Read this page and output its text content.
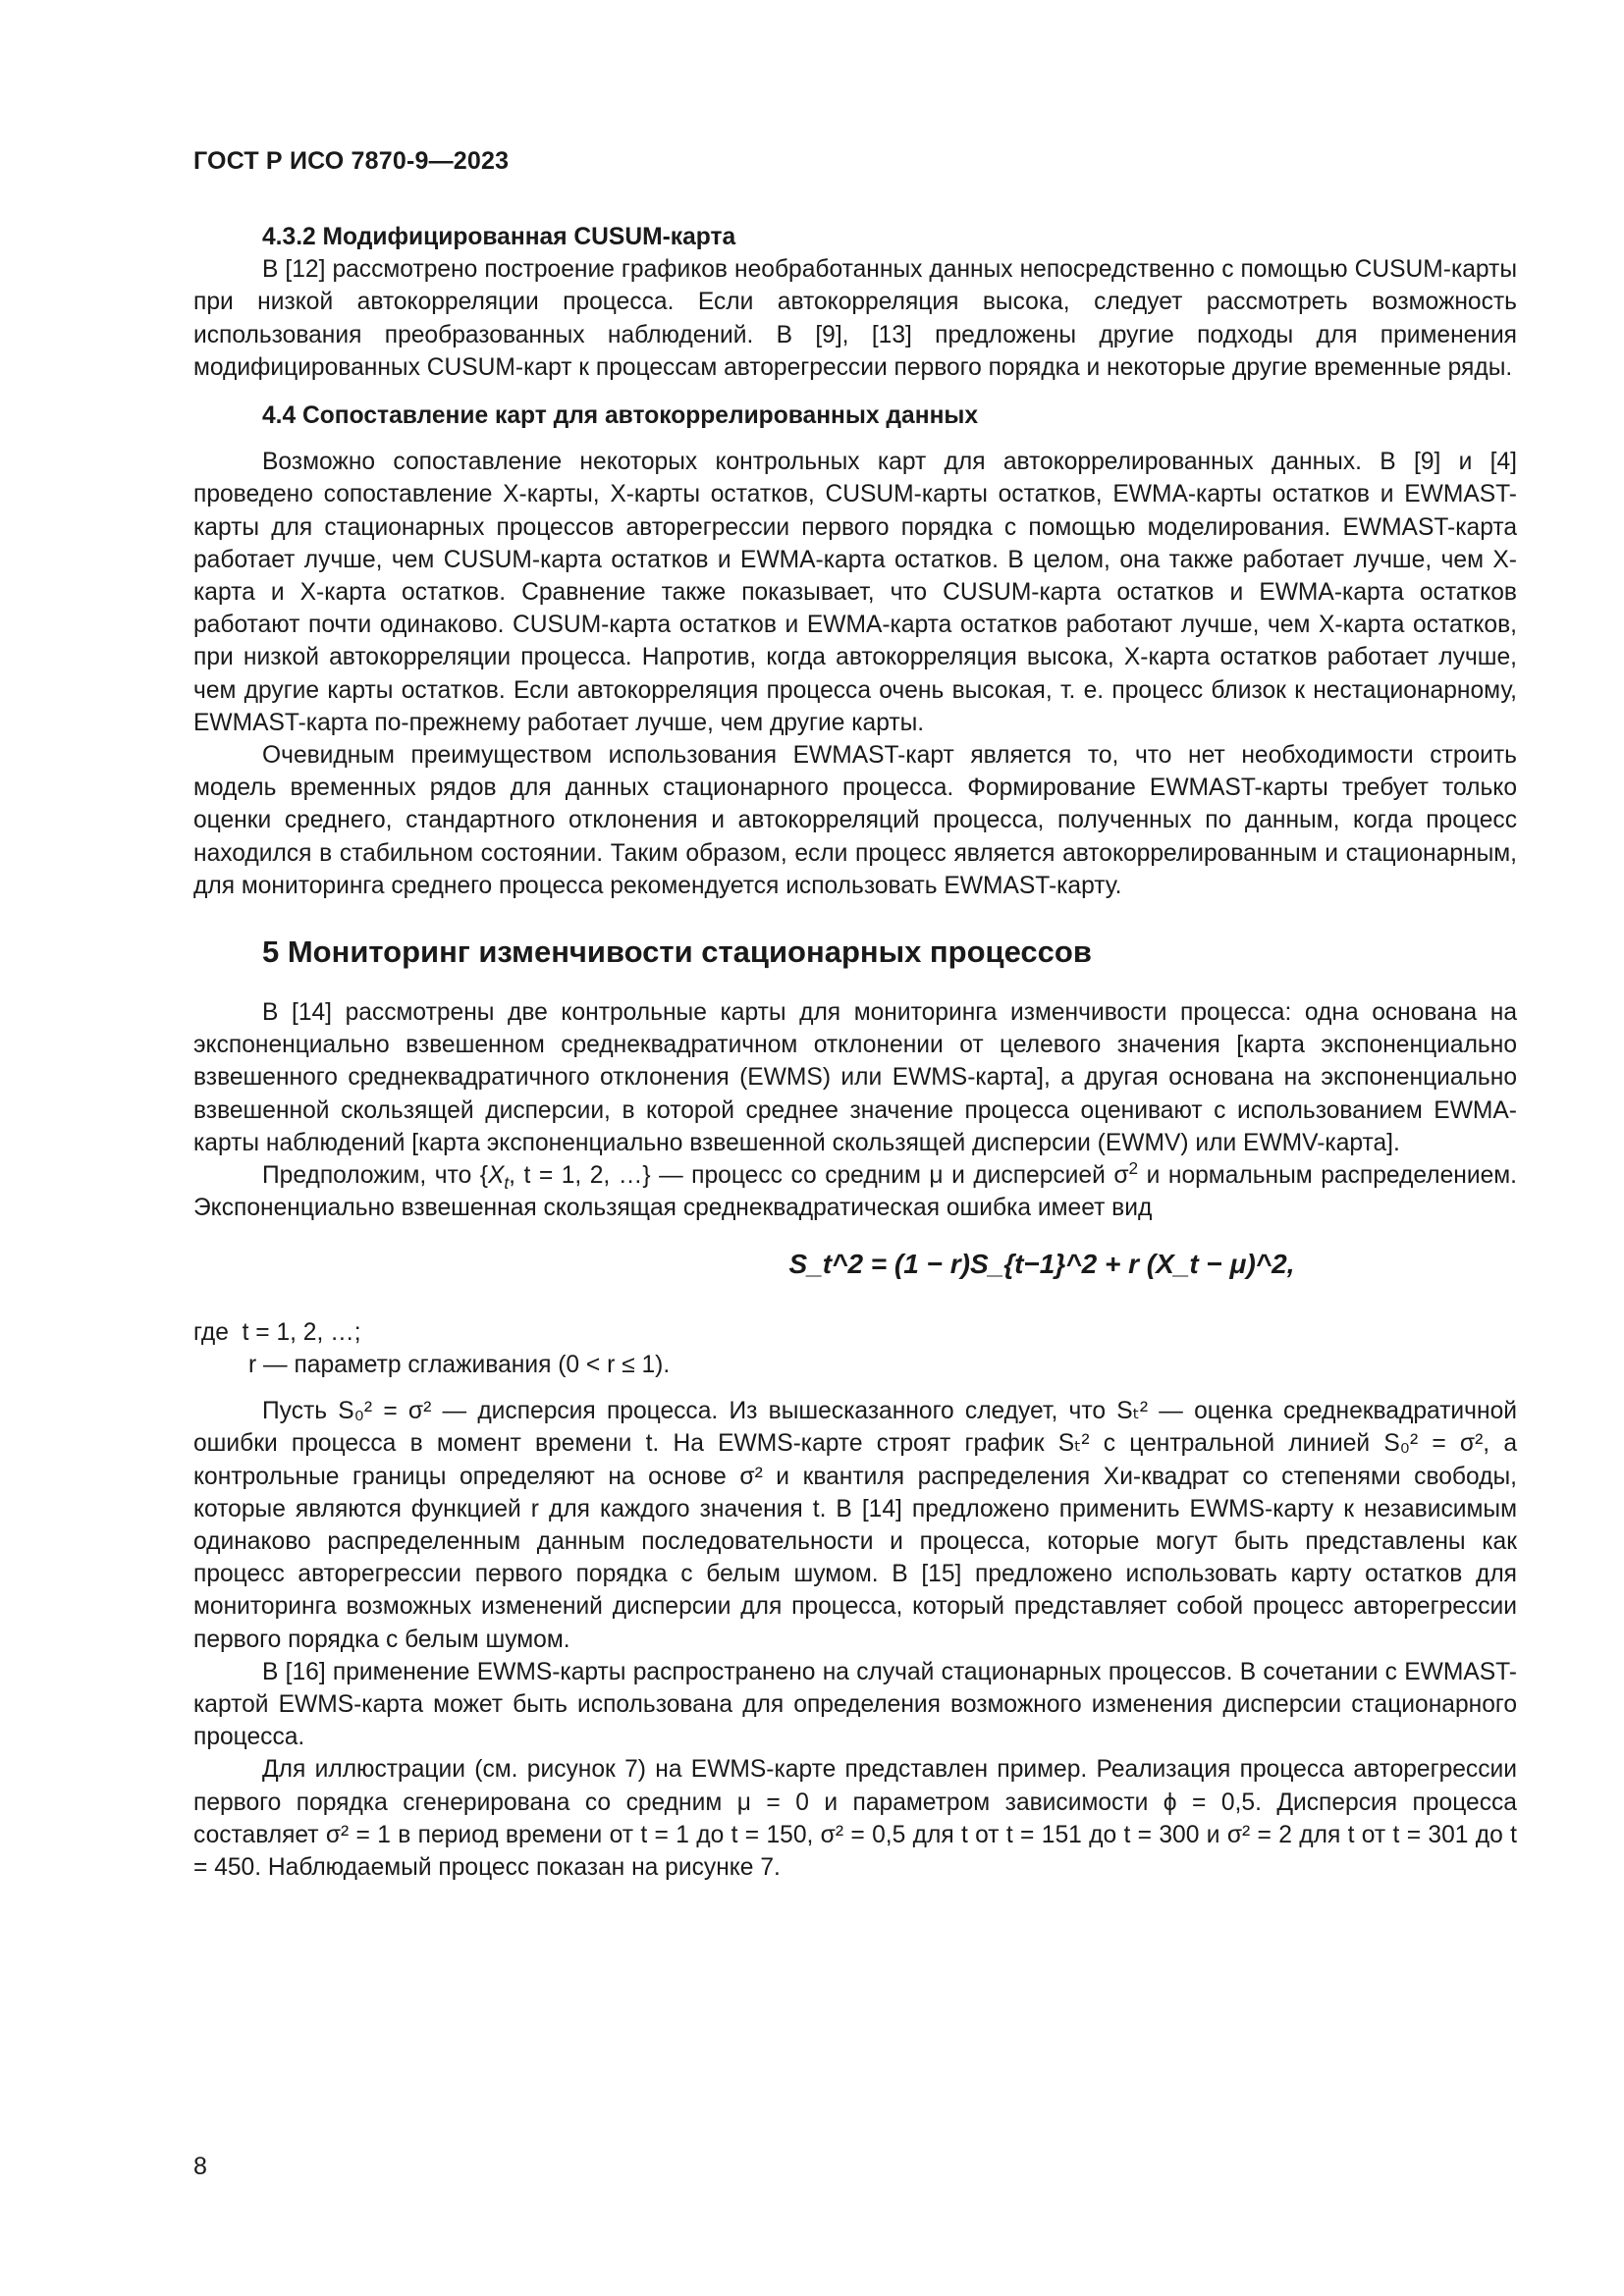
ГОСТ Р ИСО 7870-9—2023

4.3.2 Модифицированная CUSUM-карта

В [12] рассмотрено построение графиков необработанных данных непосредственно с помощью CUSUM-карты при низкой автокорреляции процесса. Если автокорреляция высока, следует рассмотреть возможность использования преобразованных наблюдений. В [9], [13] предложены другие подходы для применения модифицированных CUSUM-карт к процессам авторегрессии первого порядка и некоторые другие временные ряды.

4.4 Сопоставление карт для автокоррелированных данных

Возможно сопоставление некоторых контрольных карт для автокоррелированных данных. В [9] и [4] проведено сопоставление X-карты, X-карты остатков, CUSUM-карты остатков, EWMA-карты остатков и EWMAST-карты для стационарных процессов авторегрессии первого порядка с помощью моделирования. EWMAST-карта работает лучше, чем CUSUM-карта остатков и EWMA-карта остатков. В целом, она также работает лучше, чем X-карта и X-карта остатков. Сравнение также показывает, что CUSUM-карта остатков и EWMA-карта остатков работают почти одинаково. CUSUM-карта остатков и EWMA-карта остатков работают лучше, чем X-карта остатков, при низкой автокорреляции процесса. Напротив, когда автокорреляция высока, X-карта остатков работает лучше, чем другие карты остатков. Если автокорреляция процесса очень высокая, т. е. процесс близок к нестационарному, EWMAST-карта по-прежнему работает лучше, чем другие карты.

Очевидным преимуществом использования EWMAST-карт является то, что нет необходимости строить модель временных рядов для данных стационарного процесса. Формирование EWMAST-карты требует только оценки среднего, стандартного отклонения и автокорреляций процесса, полученных по данным, когда процесс находился в стабильном состоянии. Таким образом, если процесс является автокоррелированным и стационарным, для мониторинга среднего процесса рекомендуется использовать EWMAST-карту.

5 Мониторинг изменчивости стационарных процессов

В [14] рассмотрены две контрольные карты для мониторинга изменчивости процесса: одна основана на экспоненциально взвешенном среднеквадратичном отклонении от целевого значения [карта экспоненциально взвешенного среднеквадратичного отклонения (EWMS) или EWMS-карта], а другая основана на экспоненциально взвешенной скользящей дисперсии, в которой среднее значение процесса оценивают с использованием EWMA-карты наблюдений [карта экспоненциально взвешенной скользящей дисперсии (EWMV) или EWMV-карта].

Предположим, что {$X_t$, t = 1, 2, …} — процесс со средним μ и дисперсией $\sigma^2$ и нормальным распределением. Экспоненциально взвешенная скользящая среднеквадратическая ошибка имеет вид

S_t^2 = (1 − r)S_{t−1}^2 + r (X_t − μ)^2,

где t = 1, 2, …;

r — параметр сглаживания (0 < r ≤ 1).

Пусть S₀² = σ² — дисперсия процесса. Из вышесказанного следует, что Sₜ² — оценка среднеквадратичной ошибки процесса в момент времени t. На EWMS-карте строят график Sₜ² с центральной линией S₀² = σ², а контрольные границы определяют на основе σ² и квантиля распределения Хи-квадрат со степенями свободы, которые являются функцией r для каждого значения t. В [14] предложено применить EWMS-карту к независимым одинаково распределенным данным последовательности и процесса, которые могут быть представлены как процесс авторегрессии первого порядка с белым шумом. В [15] предложено использовать карту остатков для мониторинга возможных изменений дисперсии для процесса, который представляет собой процесс авторегрессии первого порядка с белым шумом.

В [16] применение EWMS-карты распространено на случай стационарных процессов. В сочетании с EWMAST-картой EWMS-карта может быть использована для определения возможного изменения дисперсии стационарного процесса.

Для иллюстрации (см. рисунок 7) на EWMS-карте представлен пример. Реализация процесса авторегрессии первого порядка сгенерирована со средним μ = 0 и параметром зависимости ϕ = 0,5. Дисперсия процесса составляет σ² = 1 в период времени от t = 1 до t = 150, σ² = 0,5 для t от t = 151 до t = 300 и σ² = 2 для t от t = 301 до t = 450. Наблюдаемый процесс показан на рисунке 7.

8
